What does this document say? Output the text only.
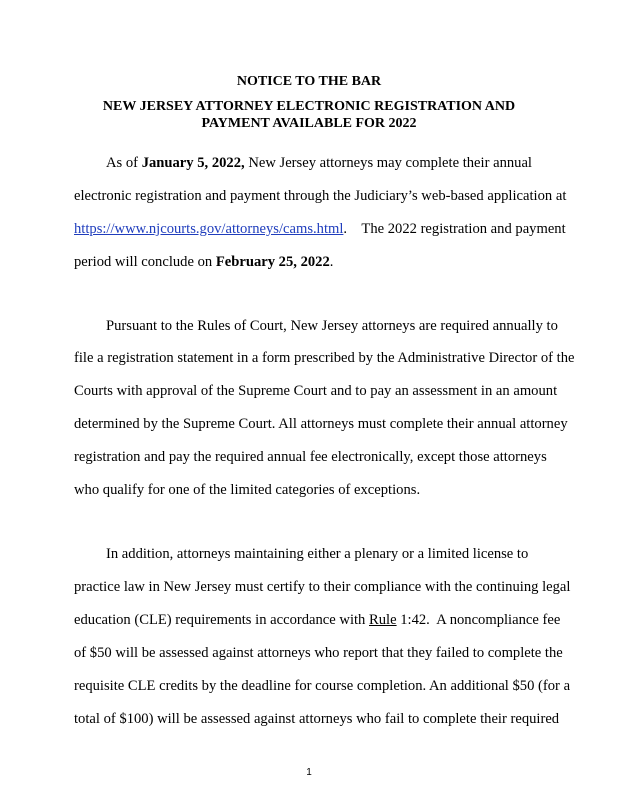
NOTICE TO THE BAR

NEW JERSEY ATTORNEY ELECTRONIC REGISTRATION AND

PAYMENT AVAILABLE FOR 2022

As of January 5, 2022, New Jersey attorneys may complete their annual
electronic registration and payment through the Judiciary’s web-based application at
https://www.njcourts.gov/attorneys/cams.html.    The 2022 registration and payment
period will conclude on February 25, 2022.
Pursuant to the Rules of Court, New Jersey attorneys are required annually to
file a registration statement in a form prescribed by the Administrative Director of the
Courts with approval of the Supreme Court and to pay an assessment in an amount
determined by the Supreme Court. All attorneys must complete their annual attorney
registration and pay the required annual fee electronically, except those attorneys
who qualify for one of the limited categories of exceptions.
In addition, attorneys maintaining either a plenary or a limited license to
practice law in New Jersey must certify to their compliance with the continuing legal
education (CLE) requirements in accordance with Rule 1:42.  A noncompliance fee
of $50 will be assessed against attorneys who report that they failed to complete the
requisite CLE credits by the deadline for course completion. An additional $50 (for a
total of $100) will be assessed against attorneys who fail to complete their required
1
